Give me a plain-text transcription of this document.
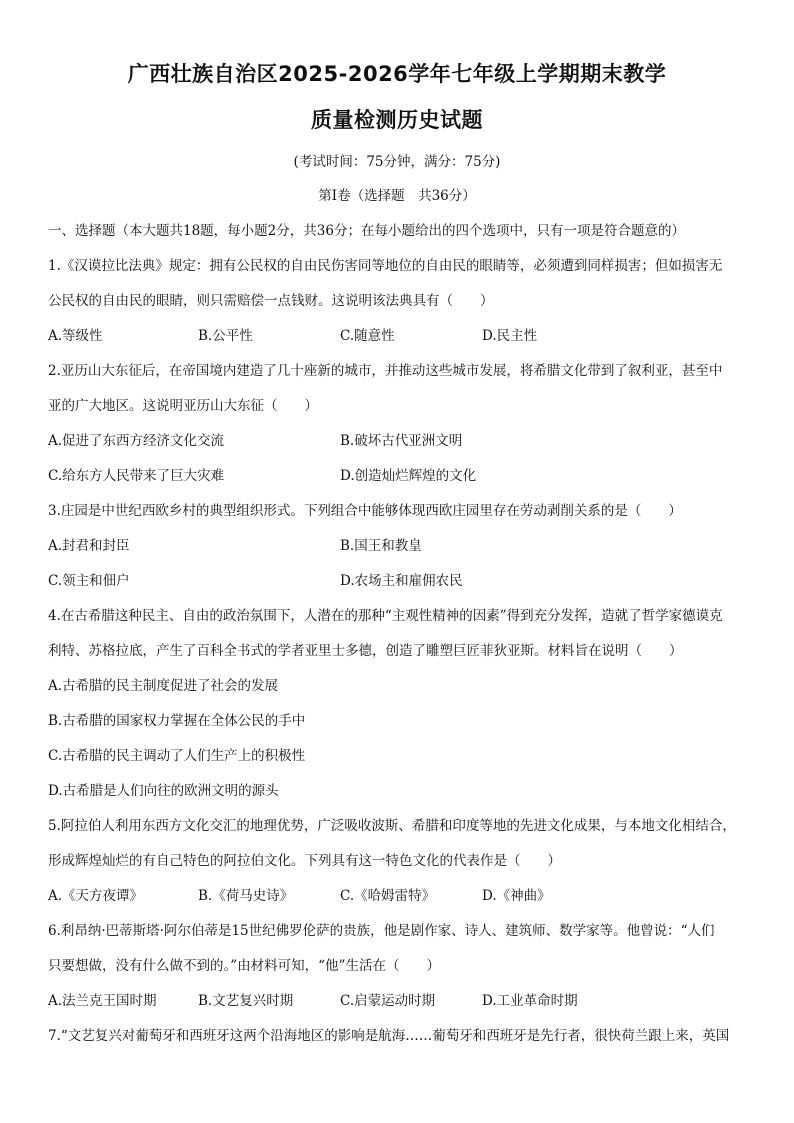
广西壮族自治区2025-2026学年七年级上学期期末教学
质量检测历史试题
(考试时间：75分钟，满分：75分)
第Ⅰ卷（选择题　共36分）
一、选择题（本大题共18题，每小题2分，共36分；在每小题给出的四个选项中，只有一项是符合题意的）
1.《汉谟拉比法典》规定：拥有公民权的自由民伤害同等地位的自由民的眼睛等，必须遭到同样损害；但如损害无
公民权的自由民的眼睛，则只需赔偿一点钱财。这说明该法典具有（　　）
A.等级性	B.公平性	C.随意性	D.民主性
2.亚历山大东征后，在帝国境内建造了几十座新的城市，并推动这些城市发展，将希腊文化带到了叙利亚，甚至中
亚的广大地区。这说明亚历山大东征（　　）
A.促进了东西方经济文化交流	B.破坏古代亚洲文明
C.给东方人民带来了巨大灾难	D.创造灿烂辉煌的文化
3.庄园是中世纪西欧乡村的典型组织形式。下列组合中能够体现西欧庄园里存在劳动剥削关系的是（　　）
A.封君和封臣	B.国王和教皇
C.领主和佃户	D.农场主和雇佣农民
4.在古希腊这种民主、自由的政治氛围下，人潜在的那种“主观性精神的因素”得到充分发挥，造就了哲学家德谟克
利特、苏格拉底，产生了百科全书式的学者亚里士多德，创造了雕塑巨匠菲狄亚斯。材料旨在说明（　　）
A.古希腊的民主制度促进了社会的发展
B.古希腊的国家权力掌握在全体公民的手中
C.古希腊的民主调动了人们生产上的积极性
D.古希腊是人们向往的欧洲文明的源头
5.阿拉伯人利用东西方文化交汇的地理优势，广泛吸收波斯、希腊和印度等地的先进文化成果，与本地文化相结合，
形成辉煌灿烂的有自己特色的阿拉伯文化。下列具有这一特色文化的代表作是（　　）
A.《天方夜谭》	B.《荷马史诗》	C.《哈姆雷特》	D.《神曲》
6.利昂纳·巴蒂斯塔·阿尔伯蒂是15世纪佛罗伦萨的贵族，他是剧作家、诗人、建筑师、数学家等。他曾说：“人们
只要想做，没有什么做不到的。”由材料可知，“他”生活在（　　）
A.法兰克王国时期	B.文艺复兴时期	C.启蒙运动时期	D.工业革命时期
7.“文艺复兴对葡萄牙和西班牙这两个沿海地区的影响是航海……葡萄牙和西班牙是先行者，很快荷兰跟上来，英国
